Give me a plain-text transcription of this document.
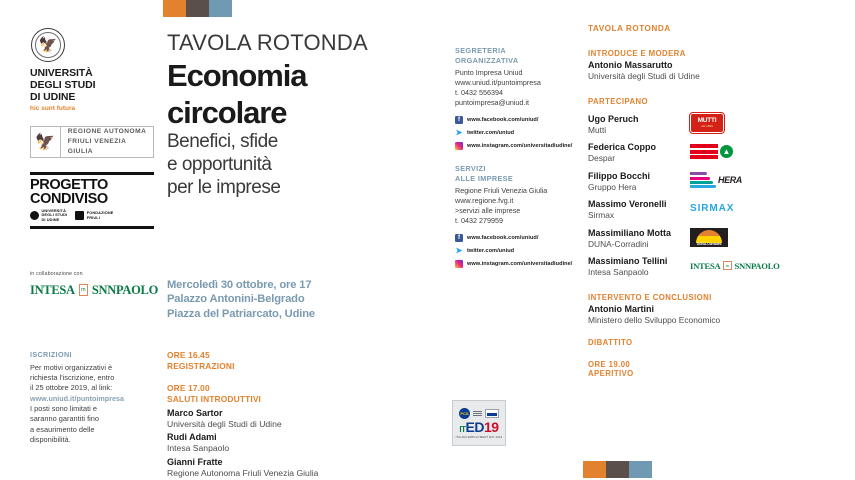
🦅
UNIVERSITÀ
DEGLI STUDI
DI UDINE
hic sunt futura
🦅
REGIONE AUTONOMA
FRIULI VENEZIA GIULIA
PROGETTO
CONDIVISO
UNIVERSITÀ
DEGLI STUDI
DI UDINE
FONDAZIONE
FRIULI
in collaborazione con
INTESA	m SNNPAOLO
ISCRIZIONI
Per motivi organizzativi è
richiesta l'iscrizione, entro
il 25 ottobre 2019, al link:
www.uniud.it/puntoimpresa
I posti sono limitati e
saranno garantiti fino
a esaurimento delle
disponibilità.
TAVOLA ROTONDA
Economia
circolare
Benefici, sfide
e opportunità
per le imprese
Mercoledì 30 ottobre, ore 17
Palazzo Antonini-Belgrado
Piazza del Patriarcato, Udine
ORE 16.45
REGISTRAZIONI
ORE 17.00
SALUTI INTRODUTTIVI
Marco Sartor
Università degli Studi di Udine
Rudi Adami
Intesa Sanpaolo
Gianni Fratte
Regione Autonoma Friuli Venezia Giulia
SEGRETERIA
ORGANIZZATIVA
Punto Impresa Uniud
www.uniud.it/puntoimpresa
t. 0432 556394
puntoimpresa@uniud.it
f	www.facebook.com/uniud/
➤ twitter.com/uniud
www.instagram.com/universitadiudine/
SERVIZI
ALLE IMPRESE
Regione Friuli Venezia Giulia
www.regione.fvg.it
>servizi alle imprese
t. 0432 279959
f	www.facebook.com/uniud/
➤ twitter.com/uniud
www.instagram.com/universitadiudine/
PCS
ITED19
ITALIAN EMPLOYMENT DAY 2019
TAVOLA ROTONDA
INTRODUCE E MODERA
Antonio Massarutto
Università degli Studi di Udine
PARTECIPANO
Ugo Peruch
Mutti
MUTTI
dal 1899
Federica Coppo
Despar
▲
Filippo Bocchi
Gruppo Hera
HERA
Massimo Veronelli
Sirmax
SIRMAX
Massimiliano Motta
DUNA-Corradini	DUNA-Corradini
Massimiano Tellini
Intesa Sanpaolo
INTESA	m SNNPAOLO
INTERVENTO E CONCLUSIONI
Antonio Martini
Ministero dello Sviluppo Economico
DIBATTITO
ORE 19.00
APERITIVO
